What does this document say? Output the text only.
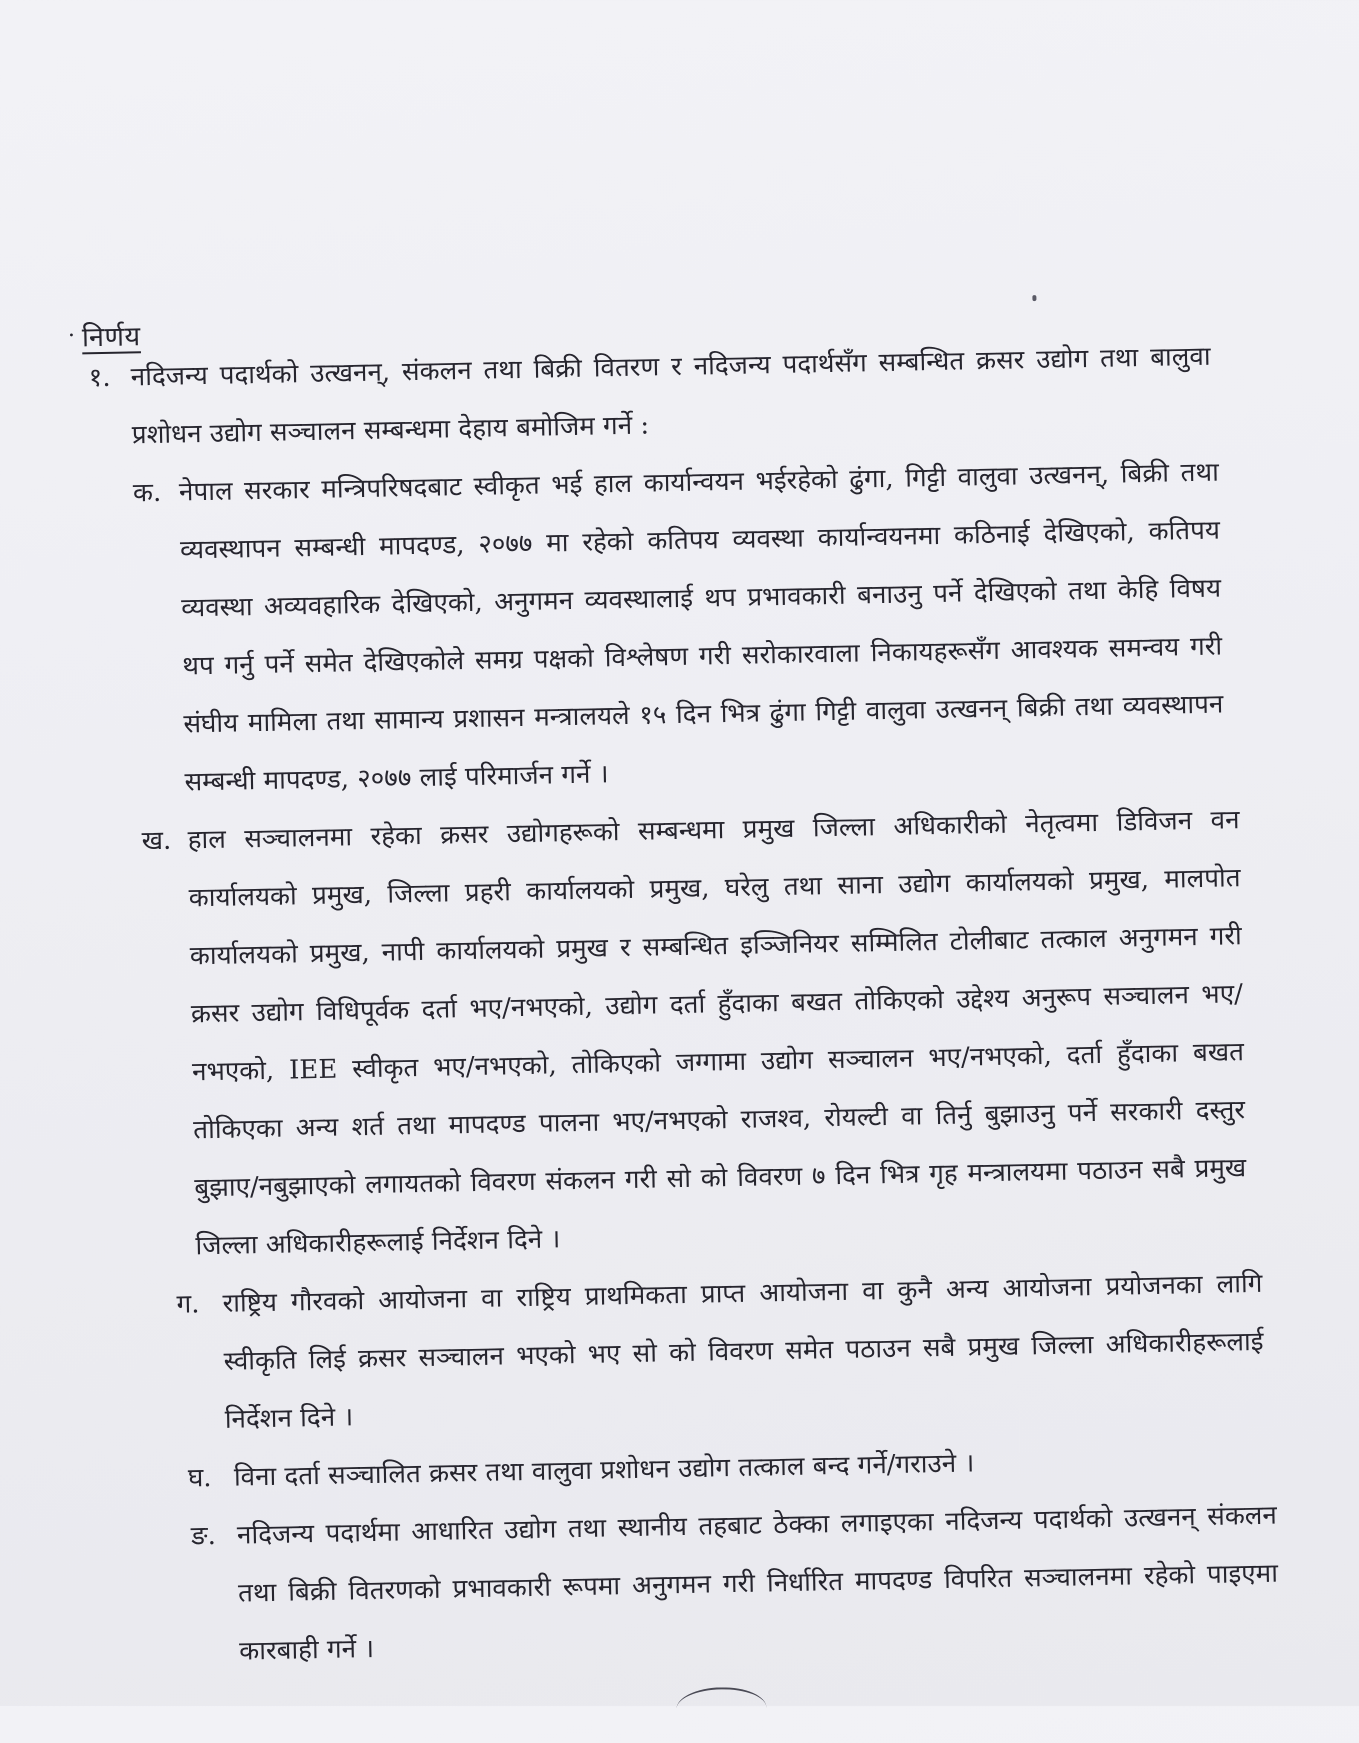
· निर्णय
१. नदिजन्य पदार्थको उत्खनन्, संकलन तथा बिक्री वितरण र नदिजन्य पदार्थसँग सम्बन्धित क्रसर उद्योग तथा बालुवा प्रशोधन उद्योग सञ्चालन सम्बन्धमा देहाय बमोजिम गर्ने :
क. नेपाल सरकार मन्त्रिपरिषदबाट स्वीकृत भई हाल कार्यान्वयन भईरहेको ढुंगा, गिट्टी वालुवा उत्खनन्, बिक्री तथा व्यवस्थापन सम्बन्धी मापदण्ड, २०७७ मा रहेको कतिपय व्यवस्था कार्यान्वयनमा कठिनाई देखिएको, कतिपय व्यवस्था अव्यवहारिक देखिएको, अनुगमन व्यवस्थालाई थप प्रभावकारी बनाउनु पर्ने देखिएको तथा केहि विषय थप गर्नु पर्ने समेत देखिएकोले समग्र पक्षको विश्लेषण गरी सरोकारवाला निकायहरूसँग आवश्यक समन्वय गरी संघीय मामिला तथा सामान्य प्रशासन मन्त्रालयले १५ दिन भित्र ढुंगा गिट्टी वालुवा उत्खनन् बिक्री तथा व्यवस्थापन सम्बन्धी मापदण्ड, २०७७ लाई परिमार्जन गर्ने ।
ख. हाल सञ्चालनमा रहेका क्रसर उद्योगहरूको सम्बन्धमा प्रमुख जिल्ला अधिकारीको नेतृत्वमा डिविजन वन कार्यालयको प्रमुख, जिल्ला प्रहरी कार्यालयको प्रमुख, घरेलु तथा साना उद्योग कार्यालयको प्रमुख, मालपोत कार्यालयको प्रमुख, नापी कार्यालयको प्रमुख र सम्बन्धित इञ्जिनियर सम्मिलित टोलीबाट तत्काल अनुगमन गरी क्रसर उद्योग विधिपूर्वक दर्ता भए/नभएको, उद्योग दर्ता हुँदाका बखत तोकिएको उद्देश्य अनुरूप सञ्चालन भए/नभएको, IEE स्वीकृत भए/नभएको, तोकिएको जग्गामा उद्योग सञ्चालन भए/नभएको, दर्ता हुँदाका बखत तोकिएका अन्य शर्त तथा मापदण्ड पालना भए/नभएको राजश्व, रोयल्टी वा तिर्नु बुझाउनु पर्ने सरकारी दस्तुर बुझाए/नबुझाएको लगायतको विवरण संकलन गरी सो को विवरण ७ दिन भित्र गृह मन्त्रालयमा पठाउन सबै प्रमुख जिल्ला अधिकारीहरूलाई निर्देशन दिने ।
ग. राष्ट्रिय गौरवको आयोजना वा राष्ट्रिय प्राथमिकता प्राप्त आयोजना वा कुनै अन्य आयोजना प्रयोजनका लागि स्वीकृति लिई क्रसर सञ्चालन भएको भए सो को विवरण समेत पठाउन सबै प्रमुख जिल्ला अधिकारीहरूलाई निर्देशन दिने ।
घ. विना दर्ता सञ्चालित क्रसर तथा वालुवा प्रशोधन उद्योग तत्काल बन्द गर्ने/गराउने ।
ङ. नदिजन्य पदार्थमा आधारित उद्योग तथा स्थानीय तहबाट ठेक्का लगाइएका नदिजन्य पदार्थको उत्खनन् संकलन तथा बिक्री वितरणको प्रभावकारी रूपमा अनुगमन गरी निर्धारित मापदण्ड विपरित सञ्चालनमा रहेको पाइएमा कारबाही गर्ने ।
